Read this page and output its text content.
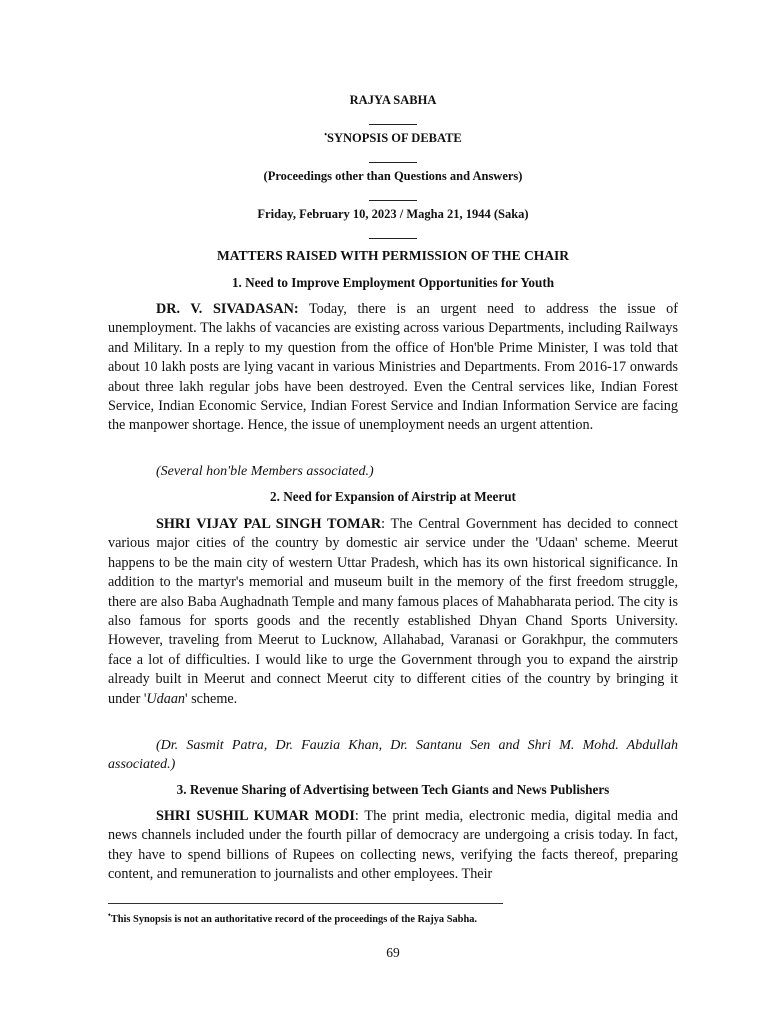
RAJYA SABHA
•SYNOPSIS OF DEBATE
(Proceedings other than Questions and Answers)
Friday, February 10, 2023 / Magha 21, 1944 (Saka)
MATTERS RAISED WITH PERMISSION OF THE CHAIR
1. Need to Improve Employment Opportunities for Youth

DR. V. SIVADASAN: Today, there is an urgent need to address the issue of unemployment. The lakhs of vacancies are existing across various Departments, including Railways and Military. In a reply to my question from the office of Hon'ble Prime Minister, I was told that about 10 lakh posts are lying vacant in various Ministries and Departments. From 2016-17 onwards about three lakh regular jobs have been destroyed. Even the Central services like, Indian Forest Service, Indian Economic Service, Indian Forest Service and Indian Information Service are facing the manpower shortage. Hence, the issue of unemployment needs an urgent attention.

(Several hon'ble Members associated.)

2. Need for Expansion of Airstrip at Meerut

SHRI VIJAY PAL SINGH TOMAR: The Central Government has decided to connect various major cities of the country by domestic air service under the 'Udaan' scheme. Meerut happens to be the main city of western Uttar Pradesh, which has its own historical significance. In addition to the martyr's memorial and museum built in the memory of the first freedom struggle, there are also Baba Aughadnath Temple and many famous places of Mahabharata period. The city is also famous for sports goods and the recently established Dhyan Chand Sports University. However, traveling from Meerut to Lucknow, Allahabad, Varanasi or Gorakhpur, the commuters face a lot of difficulties. I would like to urge the Government through you to expand the airstrip already built in Meerut and connect Meerut city to different cities of the country by bringing it under 'Udaan' scheme.

(Dr. Sasmit Patra, Dr. Fauzia Khan, Dr. Santanu Sen and Shri M. Mohd. Abdullah associated.)

3. Revenue Sharing of Advertising between Tech Giants and News Publishers

SHRI SUSHIL KUMAR MODI: The print media, electronic media, digital media and news channels included under the fourth pillar of democracy are undergoing a crisis today. In fact, they have to spend billions of Rupees on collecting news, verifying the facts thereof, preparing content, and remuneration to journalists and other employees. Their

•This Synopsis is not an authoritative record of the proceedings of the Rajya Sabha.
69
